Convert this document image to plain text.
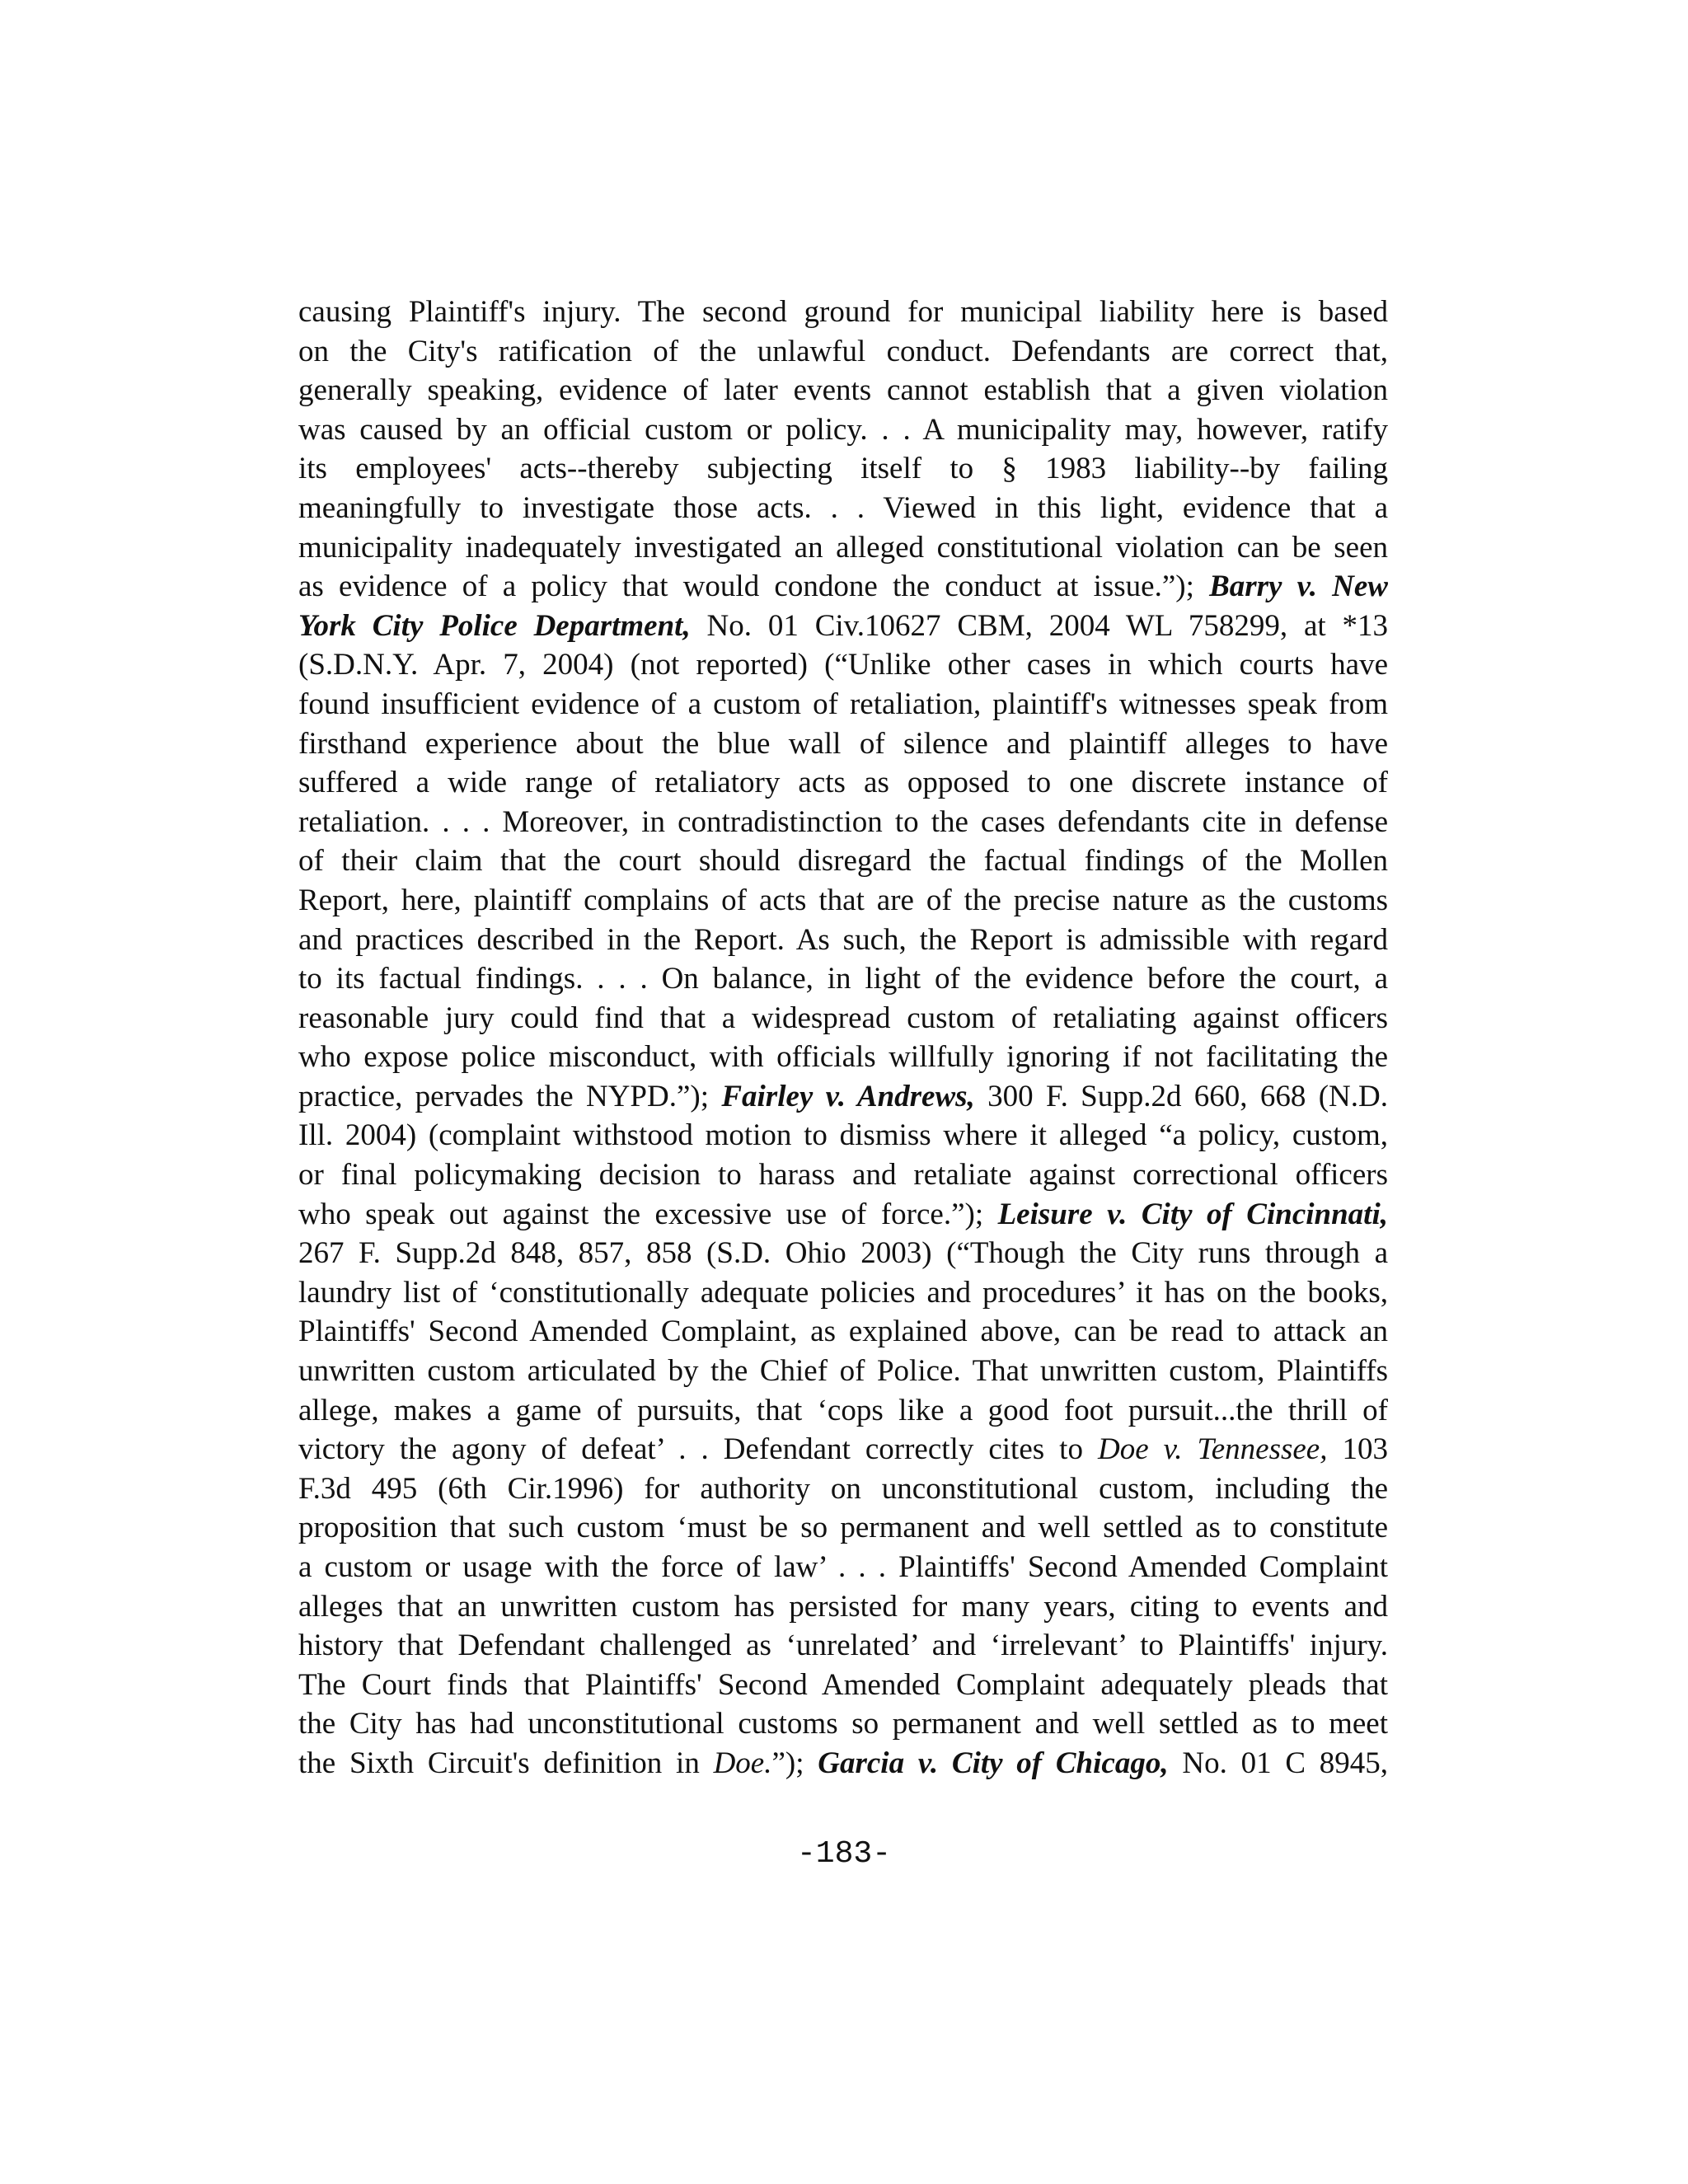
causing Plaintiff's injury. The second ground for municipal liability here is based
on the City's ratification of the unlawful conduct. Defendants are correct that,
generally speaking, evidence of later events cannot establish that a given violation
was caused by an official custom or policy. . . A municipality may, however, ratify
its employees' acts--thereby subjecting itself to § 1983 liability--by failing
meaningfully to investigate those acts. . . Viewed in this light, evidence that a
municipality inadequately investigated an alleged constitutional violation can be seen
as evidence of a policy that would condone the conduct at issue.”); Barry v. New
York City Police Department, No. 01 Civ.10627 CBM, 2004 WL 758299, at *13
(S.D.N.Y. Apr. 7, 2004) (not reported) (“Unlike other cases in which courts have
found insufficient evidence of a custom of retaliation, plaintiff's witnesses speak from
firsthand experience about the blue wall of silence and plaintiff alleges to have
suffered a wide range of retaliatory acts as opposed to one discrete instance of
retaliation. . . . Moreover, in contradistinction to the cases defendants cite in defense
of their claim that the court should disregard the factual findings of the Mollen
Report, here, plaintiff complains of acts that are of the precise nature as the customs
and practices described in the Report. As such, the Report is admissible with regard
to its factual findings. . . . On balance, in light of the evidence before the court, a
reasonable jury could find that a widespread custom of retaliating against officers
who expose police misconduct, with officials willfully ignoring if not facilitating the
practice, pervades the NYPD.”); Fairley v. Andrews, 300 F. Supp.2d 660, 668 (N.D.
Ill. 2004) (complaint withstood motion to dismiss where it alleged “a policy, custom,
or final policymaking decision to harass and retaliate against correctional officers
who speak out against the excessive use of force.”); Leisure v. City of Cincinnati,
267 F. Supp.2d 848, 857, 858 (S.D. Ohio 2003) (“Though the City runs through a
laundry list of ‘constitutionally adequate policies and procedures’ it has on the books,
Plaintiffs' Second Amended Complaint, as explained above, can be read to attack an
unwritten custom articulated by the Chief of Police. That unwritten custom, Plaintiffs
allege, makes a game of pursuits, that ‘cops like a good foot pursuit...the thrill of
victory the agony of defeat’ . . Defendant correctly cites to Doe v. Tennessee, 103
F.3d 495 (6th Cir.1996) for authority on unconstitutional custom, including the
proposition that such custom ‘must be so permanent and well settled as to constitute
a custom or usage with the force of law’ . . . Plaintiffs' Second Amended Complaint
alleges that an unwritten custom has persisted for many years, citing to events and
history that Defendant challenged as ‘unrelated’ and ‘irrelevant’ to Plaintiffs' injury.
The Court finds that Plaintiffs' Second Amended Complaint adequately pleads that
the City has had unconstitutional customs so permanent and well settled as to meet
the Sixth Circuit's definition in Doe.”); Garcia v. City of Chicago, No. 01 C 8945,
-183-
